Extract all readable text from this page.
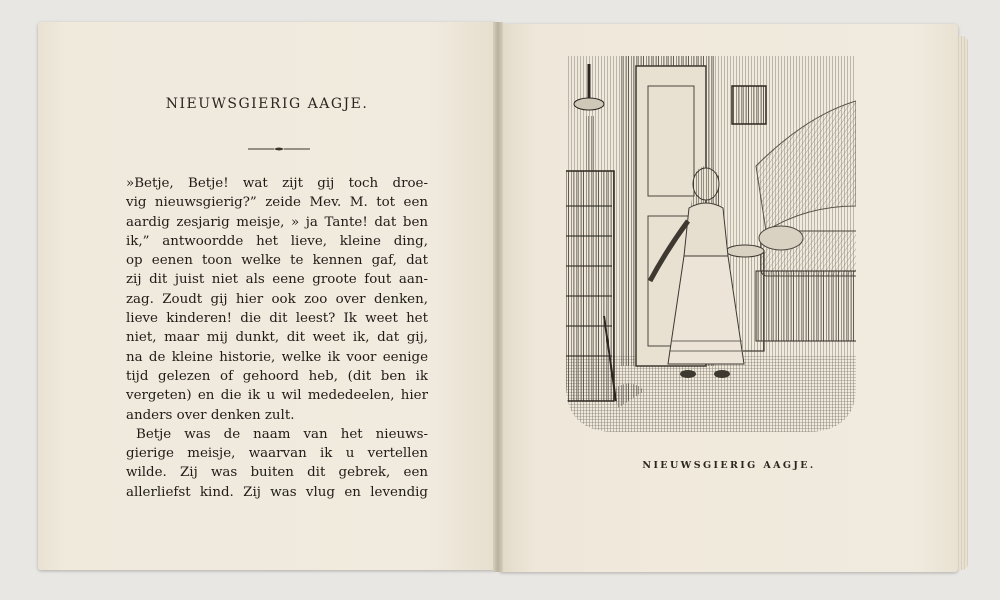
NIEUWSGIERIG AAGJE.
»Betje, Betje! wat zijt gij toch droe-
vig nieuwsgierig?” zeide Mev. M. tot een
aardig zesjarig meisje, » ja Tante! dat ben
ik,” antwoordde het lieve, kleine ding,
op eenen toon welke te kennen gaf, dat
zij dit juist niet als eene groote fout aan-
zag. Zoudt gij hier ook zoo over denken,
lieve kinderen! die dit leest? Ik weet het
niet, maar mij dunkt, dit weet ik, dat gij,
na de kleine historie, welke ik voor eenige
tijd gelezen of gehoord heb, (dit ben ik
vergeten) en die ik u wil mededeelen, hier
anders over denken zult.
Betje was de naam van het nieuws-
gierige meisje, waarvan ik u vertellen
wilde. Zij was buiten dit gebrek, een
allerliefst kind. Zij was vlug en levendig
NIEUWSGIERIG AAGJE.
